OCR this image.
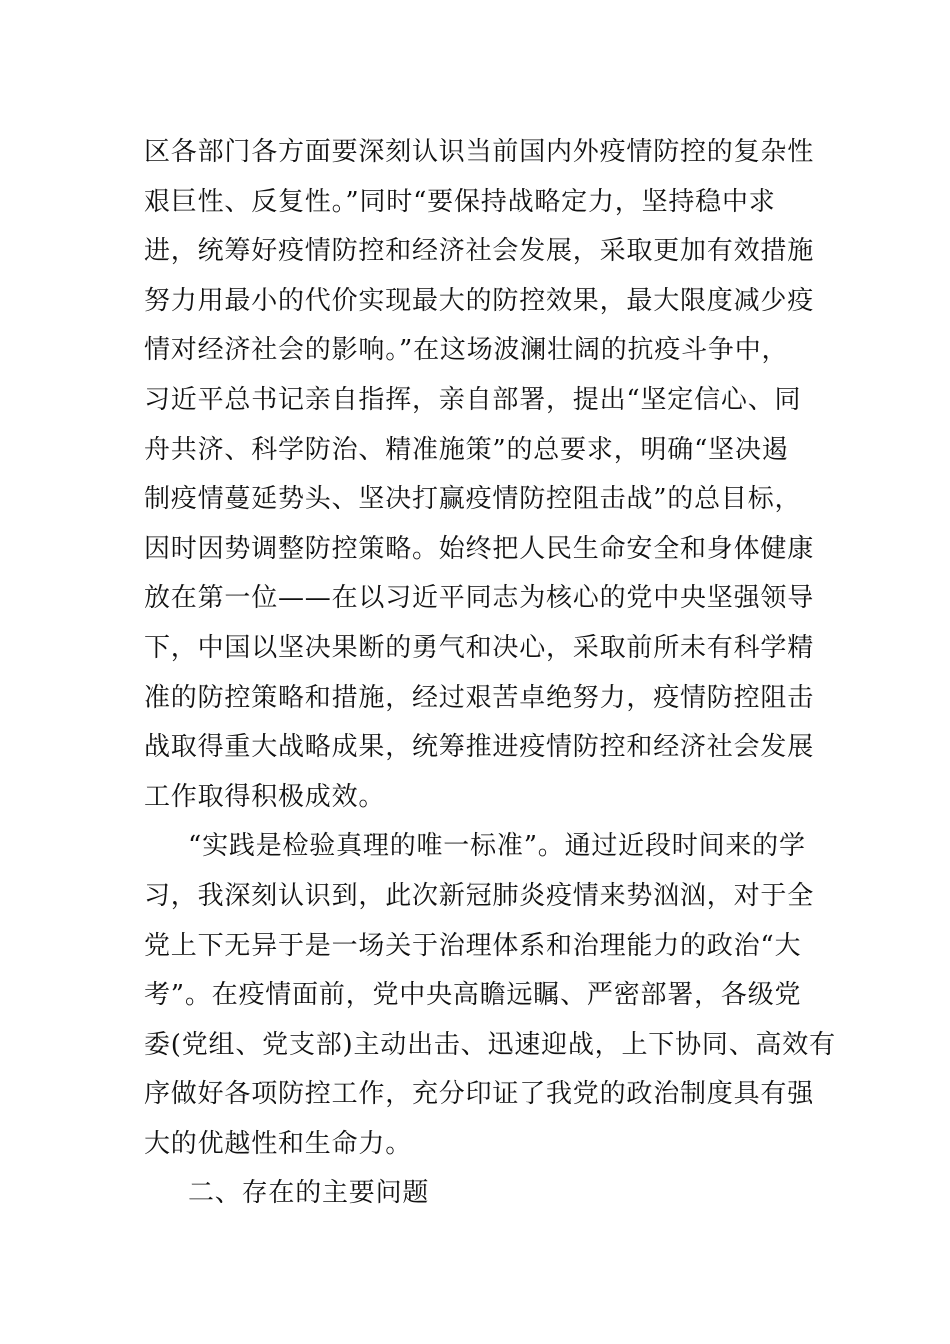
区各部门各方面要深刻认识当前国内外疫情防控的复杂性
艰巨性、反复性。”同时“要保持战略定力，坚持稳中求
进，统筹好疫情防控和经济社会发展，采取更加有效措施
努力用最小的代价实现最大的防控效果，最大限度减少疫
情对经济社会的影响。”在这场波澜壮阔的抗疫斗争中，
习近平总书记亲自指挥，亲自部署，提出“坚定信心、同
舟共济、科学防治、精准施策”的总要求，明确“坚决遏
制疫情蔓延势头、坚决打赢疫情防控阻击战”的总目标，
因时因势调整防控策略。始终把人民生命安全和身体健康
放在第一位——在以习近平同志为核心的党中央坚强领导
下，中国以坚决果断的勇气和决心，采取前所未有科学精
准的防控策略和措施，经过艰苦卓绝努力，疫情防控阻击
战取得重大战略成果，统筹推进疫情防控和经济社会发展
工作取得积极成效。
“实践是检验真理的唯一标准”。通过近段时间来的学
习，我深刻认识到，此次新冠肺炎疫情来势汹汹，对于全
党上下无异于是一场关于治理体系和治理能力的政治“大
考”。在疫情面前，党中央高瞻远瞩、严密部署，各级党
委(党组、党支部)主动出击、迅速迎战，上下协同、高效有
序做好各项防控工作，充分印证了我党的政治制度具有强
大的优越性和生命力。
二、存在的主要问题
